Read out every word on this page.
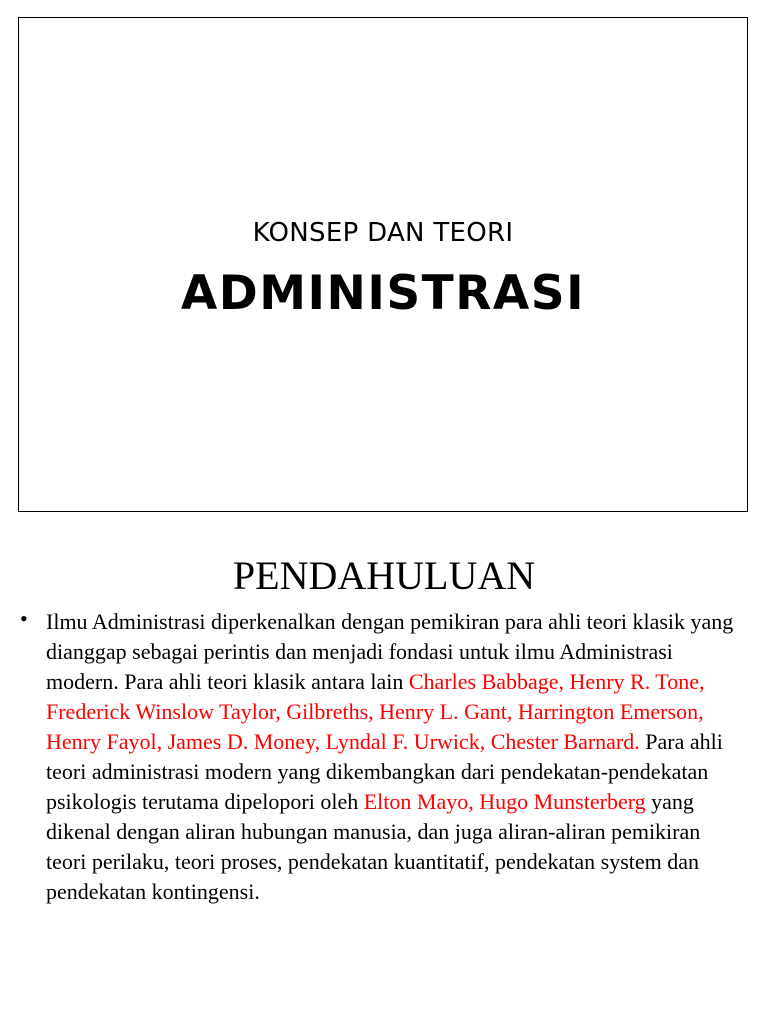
KONSEP DAN TEORI
ADMINISTRASI
PENDAHULUAN
• Ilmu Administrasi diperkenalkan dengan pemikiran para ahli teori klasik yang dianggap sebagai perintis dan menjadi fondasi untuk ilmu Administrasi modern. Para ahli teori klasik antara lain Charles Babbage, Henry R. Tone, Frederick Winslow Taylor, Gilbreths, Henry L. Gant, Harrington Emerson, Henry Fayol, James D. Money, Lyndal F. Urwick, Chester Barnard. Para ahli teori administrasi modern yang dikembangkan dari pendekatan-pendekatan psikologis terutama dipelopori oleh Elton Mayo, Hugo Munsterberg yang dikenal dengan aliran hubungan manusia, dan juga aliran-aliran pemikiran teori perilaku, teori proses, pendekatan kuantitatif, pendekatan system dan pendekatan kontingensi.
